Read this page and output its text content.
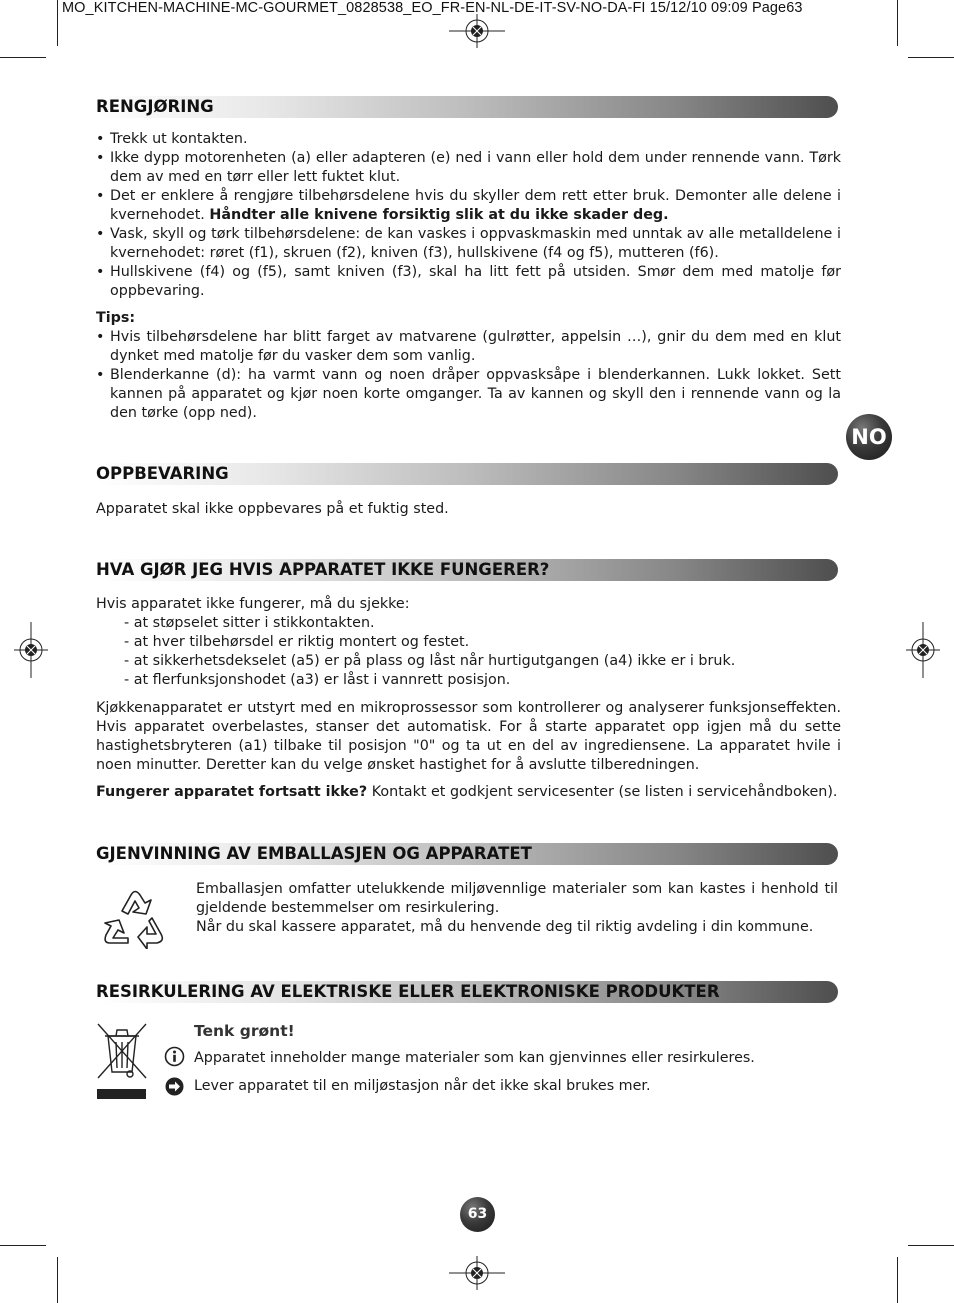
MO_KITCHEN-MACHINE-MC-GOURMET_0828538_EO_FR-EN-NL-DE-IT-SV-NO-DA-FI 15/12/10 09:09 Page63
NO
RENGJØRING
• Trekk ut kontakten.
• Ikke dypp motorenheten (a) eller adapteren (e) ned i vann eller hold dem under rennende vann. Tørk dem av med en tørr eller lett fuktet klut.
• Det er enklere å rengjøre tilbehørsdelene hvis du skyller dem rett etter bruk. Demonter alle delene i kvernehodet. Håndter alle knivene forsiktig slik at du ikke skader deg.
• Vask, skyll og tørk tilbehørsdelene: de kan vaskes i oppvaskmaskin med unntak av alle metalldelene i kvernehodet: røret (f1), skruen (f2), kniven (f3), hullskivene (f4 og f5), mutteren (f6).
• Hullskivene (f4) og (f5), samt kniven (f3), skal ha litt fett på utsiden. Smør dem med matolje før oppbevaring.
Tips:
• Hvis tilbehørsdelene har blitt farget av matvarene (gulrøtter, appelsin …), gnir du dem med en klut dynket med matolje før du vasker dem som vanlig.
• Blenderkanne (d): ha varmt vann og noen dråper oppvasksåpe i blenderkannen. Lukk lokket. Sett kannen på apparatet og kjør noen korte omganger. Ta av kannen og skyll den i rennende vann og la den tørke (opp ned).
OPPBEVARING
Apparatet skal ikke oppbevares på et fuktig sted.
HVA GJØR JEG HVIS APPARATET IKKE FUNGERER?
Hvis apparatet ikke fungerer, må du sjekke:
- at støpselet sitter i stikkontakten.
- at hver tilbehørsdel er riktig montert og festet.
- at sikkerhetsdekselet (a5) er på plass og låst når hurtigutgangen (a4) ikke er i bruk.
- at flerfunksjonshodet (a3) er låst i vannrett posisjon.
Kjøkkenapparatet er utstyrt med en mikroprossessor som kontrollerer og analyserer funksjonseffekten. Hvis apparatet overbelastes, stanser det automatisk. For å starte apparatet opp igjen må du sette hastighetsbryteren (a1) tilbake til posisjon "0" og ta ut en del av ingrediensene. La apparatet hvile i noen minutter. Deretter kan du velge ønsket hastighet for å avslutte tilberedningen.
Fungerer apparatet fortsatt ikke? Kontakt et godkjent servicesenter (se listen i servicehåndboken).
GJENVINNING AV EMBALLASJEN OG APPARATET
Emballasjen omfatter utelukkende miljøvennlige materialer som kan kastes i henhold til gjeldende bestemmelser om resirkulering.
Når du skal kassere apparatet, må du henvende deg til riktig avdeling i din kommune.
RESIRKULERING AV ELEKTRISKE ELLER ELEKTRONISKE PRODUKTER
Tenk grønt!
Apparatet inneholder mange materialer som kan gjenvinnes eller resirkuleres.
Lever apparatet til en miljøstasjon når det ikke skal brukes mer.
63
